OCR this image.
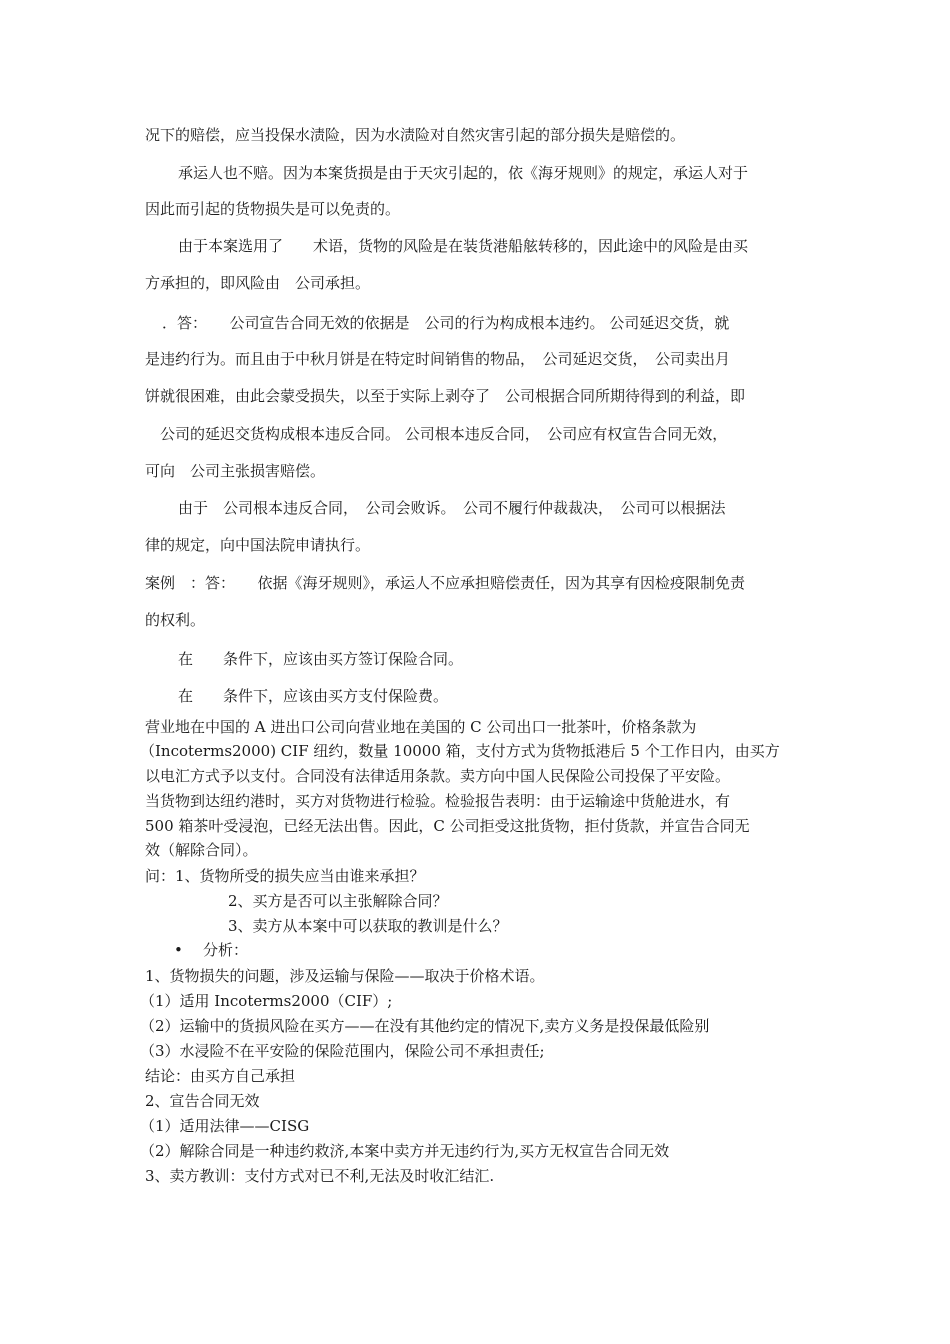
况下的赔偿，应当投保水渍险，因为水渍险对自然灾害引起的部分损失是赔偿的。
承运人也不赔。因为本案货损是由于天灾引起的，依《海牙规则》的规定，承运人对于
因此而引起的货物损失是可以免责的。
由于本案选用了　　术语，货物的风险是在装货港船舷转移的，因此途中的风险是由买
方承担的，即风险由　公司承担。
．答：　　公司宣告合同无效的依据是　公司的行为构成根本违约。 公司延迟交货，就
是违约行为。而且由于中秋月饼是在特定时间销售的物品，　公司延迟交货，　公司卖出月
饼就很困难，由此会蒙受损失，以至于实际上剥夺了　公司根据合同所期待得到的利益，即
　公司的延迟交货构成根本违反合同。 公司根本违反合同，　公司应有权宣告合同无效，
可向　公司主张损害赔偿。
由于　公司根本违反合同，　公司会败诉。　公司不履行仲裁裁决，　公司可以根据法
律的规定，向中国法院申请执行。
案例　：答：　　依据《海牙规则》，承运人不应承担赔偿责任，因为其享有因检疫限制免责
的权利。
在　　条件下，应该由买方签订保险合同。
在　　条件下，应该由买方支付保险费。
营业地在中国的 A 进出口公司向营业地在美国的 C 公司出口一批茶叶，价格条款为
（Incoterms2000) CIF 纽约，数量 10000 箱，支付方式为货物抵港后 5 个工作日内，由买方
以电汇方式予以支付。合同没有法律适用条款。卖方向中国人民保险公司投保了平安险。
当货物到达纽约港时，买方对货物进行检验。检验报告表明：由于运输途中货舱进水，有
500 箱茶叶受浸泡，已经无法出售。因此，C 公司拒受这批货物，拒付货款，并宣告合同无
效（解除合同）。
问：1、货物所受的损失应当由谁来承担？
2、买方是否可以主张解除合同？
3、卖方从本案中可以获取的教训是什么？
•	分析：
1、货物损失的问题，涉及运输与保险——取决于价格术语。
（1）适用 Incoterms2000（CIF）;
（2）运输中的货损风险在买方——在没有其他约定的情况下,卖方义务是投保最低险别
（3）水浸险不在平安险的保险范围内，保险公司不承担责任;
结论：由买方自己承担
2、宣告合同无效
（1）适用法律——CISG
（2）解除合同是一种违约救济,本案中卖方并无违约行为,买方无权宣告合同无效
3、卖方教训：支付方式对已不利,无法及时收汇结汇.
